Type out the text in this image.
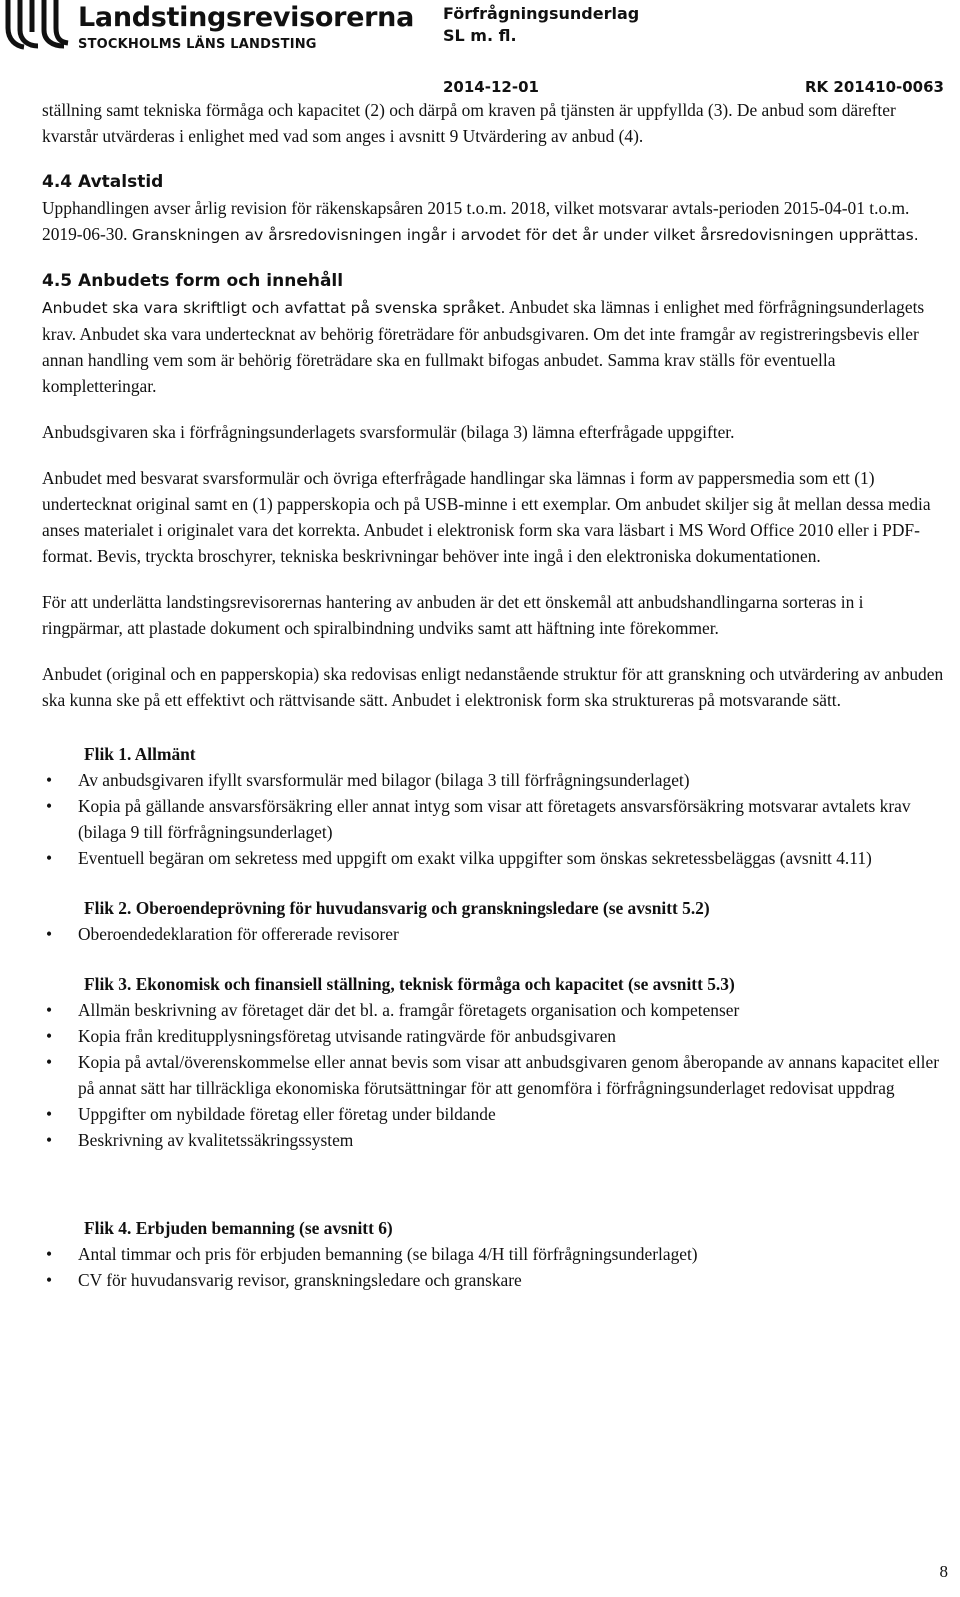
Landstingsrevisorerna
STOCKHOLMS LÄNS LANDSTING
Förfrågningsunderlag
SL m. fl.
2014-12-01	RK 201410-0063

ställning samt tekniska förmåga och kapacitet (2) och därpå om kraven på tjänsten är uppfyllda (3). De anbud som därefter kvarstår utvärderas i enlighet med vad som anges i avsnitt 9 Utvärdering av anbud (4).

4.4 Avtalstid

Upphandlingen avser årlig revision för räkenskapsåren 2015 t.o.m. 2018, vilket motsvarar avtals-perioden 2015-04-01 t.o.m. 2019-06-30. Granskningen av årsredovisningen ingår i arvodet för det år under vilket årsredovisningen upprättas.

4.5 Anbudets form och innehåll

Anbudet ska vara skriftligt och avfattat på svenska språket. Anbudet ska lämnas i enlighet med förfrågningsunderlagets krav. Anbudet ska vara undertecknat av behörig företrädare för anbudsgivaren. Om det inte framgår av registreringsbevis eller annan handling vem som är behörig företrädare ska en fullmakt bifogas anbudet. Samma krav ställs för eventuella kompletteringar.

Anbudsgivaren ska i förfrågningsunderlagets svarsformulär (bilaga 3) lämna efterfrågade uppgifter.

Anbudet med besvarat svarsformulär och övriga efterfrågade handlingar ska lämnas i form av pappersmedia som ett (1) undertecknat original samt en (1) papperskopia och på USB-minne i ett exemplar. Om anbudet skiljer sig åt mellan dessa media anses materialet i originalet vara det korrekta. Anbudet i elektronisk form ska vara läsbart i MS Word Office 2010 eller i PDF-format. Bevis, tryckta broschyrer, tekniska beskrivningar behöver inte ingå i den elektroniska dokumentationen.

För att underlätta landstingsrevisorernas hantering av anbuden är det ett önskemål att anbudshandlingarna sorteras in i ringpärmar, att plastade dokument och spiralbindning undviks samt att häftning inte förekommer.

Anbudet (original och en papperskopia) ska redovisas enligt nedanstående struktur för att granskning och utvärdering av anbuden ska kunna ske på ett effektivt och rättvisande sätt. Anbudet i elektronisk form ska struktureras på motsvarande sätt.

Flik 1. Allmänt

• Av anbudsgivaren ifyllt svarsformulär med bilagor (bilaga 3 till förfrågningsunderlaget)
• Kopia på gällande ansvarsförsäkring eller annat intyg som visar att företagets ansvarsförsäkring motsvarar avtalets krav (bilaga 9 till förfrågningsunderlaget)
• Eventuell begäran om sekretess med uppgift om exakt vilka uppgifter som önskas sekretessbeläggas (avsnitt 4.11)

Flik 2. Oberoendeprövning för huvudansvarig och granskningsledare (se avsnitt 5.2)

• Oberoendedeklaration för offererade revisorer

Flik 3. Ekonomisk och finansiell ställning, teknisk förmåga och kapacitet (se avsnitt 5.3)

• Allmän beskrivning av företaget där det bl. a. framgår företagets organisation och kompetenser
• Kopia från kreditupplysningsföretag utvisande ratingvärde för anbudsgivaren
• Kopia på avtal/överenskommelse eller annat bevis som visar att anbudsgivaren genom åberopande av annans kapacitet eller på annat sätt har tillräckliga ekonomiska förutsättningar för att genomföra i förfrågningsunderlaget redovisat uppdrag
• Uppgifter om nybildade företag eller företag under bildande
• Beskrivning av kvalitetssäkringssystem

Flik 4. Erbjuden bemanning (se avsnitt 6)

• Antal timmar och pris för erbjuden bemanning (se bilaga 4/H till förfrågningsunderlaget)
• CV för huvudansvarig revisor, granskningsledare och granskare
8
